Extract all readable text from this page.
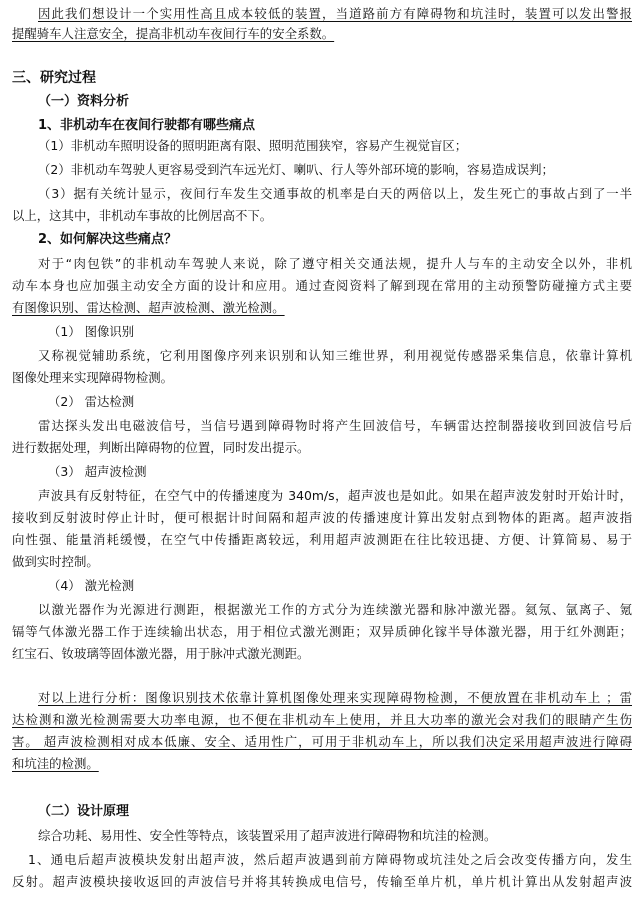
因此我们想设计一个实用性高且成本较低的装置，当道路前方有障碍物和坑洼时，装置可以发出警报
提醒骑车人注意安全，提高非机动车夜间行车的安全系数。
三、研究过程
（一）资料分析
1、非机动车在夜间行驶都有哪些痛点
（1）非机动车照明设备的照明距离有限、照明范围狭窄，容易产生视觉盲区；
（2）非机动车驾驶人更容易受到汽车远光灯、喇叭、行人等外部环境的影响，容易造成误判；
（3）据有关统计显示，夜间行车发生交通事故的机率是白天的两倍以上，发生死亡的事故占到了一半
以上，这其中，非机动车事故的比例居高不下。
2、如何解决这些痛点？
对于“肉包铁”的非机动车驾驶人来说，除了遵守相关交通法规，提升人与车的主动安全以外，非机
动车本身也应加强主动安全方面的设计和应用。通过查阅资料了解到现在常用的主动预警防碰撞方式主要
有图像识别、雷达检测、超声波检测、激光检测。
（1） 图像识别
又称视觉辅助系统，它利用图像序列来识别和认知三维世界，利用视觉传感器采集信息，依靠计算机
图像处理来实现障碍物检测。
（2） 雷达检测
雷达探头发出电磁波信号，当信号遇到障碍物时将产生回波信号，车辆雷达控制器接收到回波信号后
进行数据处理，判断出障碍物的位置，同时发出提示。
（3） 超声波检测
声波具有反射特征，在空气中的传播速度为 340m/s，超声波也是如此。如果在超声波发射时开始计时，
接收到反射波时停止计时，便可根据计时间隔和超声波的传播速度计算出发射点到物体的距离。超声波指
向性强、能量消耗缓慢，在空气中传播距离较远，利用超声波测距在往比较迅捷、方便、计算简易、易于
做到实时控制。
（4） 激光检测
以激光器作为光源进行测距，根据激光工作的方式分为连续激光器和脉冲激光器。氦氖、氩离子、氪
镉等气体激光器工作于连续输出状态，用于相位式激光测距；双异质砷化镓半导体激光器，用于红外测距；
红宝石、钕玻璃等固体激光器，用于脉冲式激光测距。
对以上进行分析：图像识别技术依靠计算机图像处理来实现障碍物检测，不便放置在非机动车上 ；雷
达检测和激光检测需要大功率电源，也不便在非机动车上使用，并且大功率的激光会对我们的眼睛产生伤
害。 超声波检测相对成本低廉、安全、适用性广，可用于非机动车上，所以我们决定采用超声波进行障碍
和坑洼的检测。
（二）设计原理
综合功耗、易用性、安全性等特点，该装置采用了超声波进行障碍物和坑洼的检测。
1、通电后超声波模块发射出超声波，然后超声波遇到前方障碍物或坑洼处之后会改变传播方向，发生
反射。超声波模块接收返回的声波信号并将其转换成电信号，传输至单片机，单片机计算出从发射超声波
